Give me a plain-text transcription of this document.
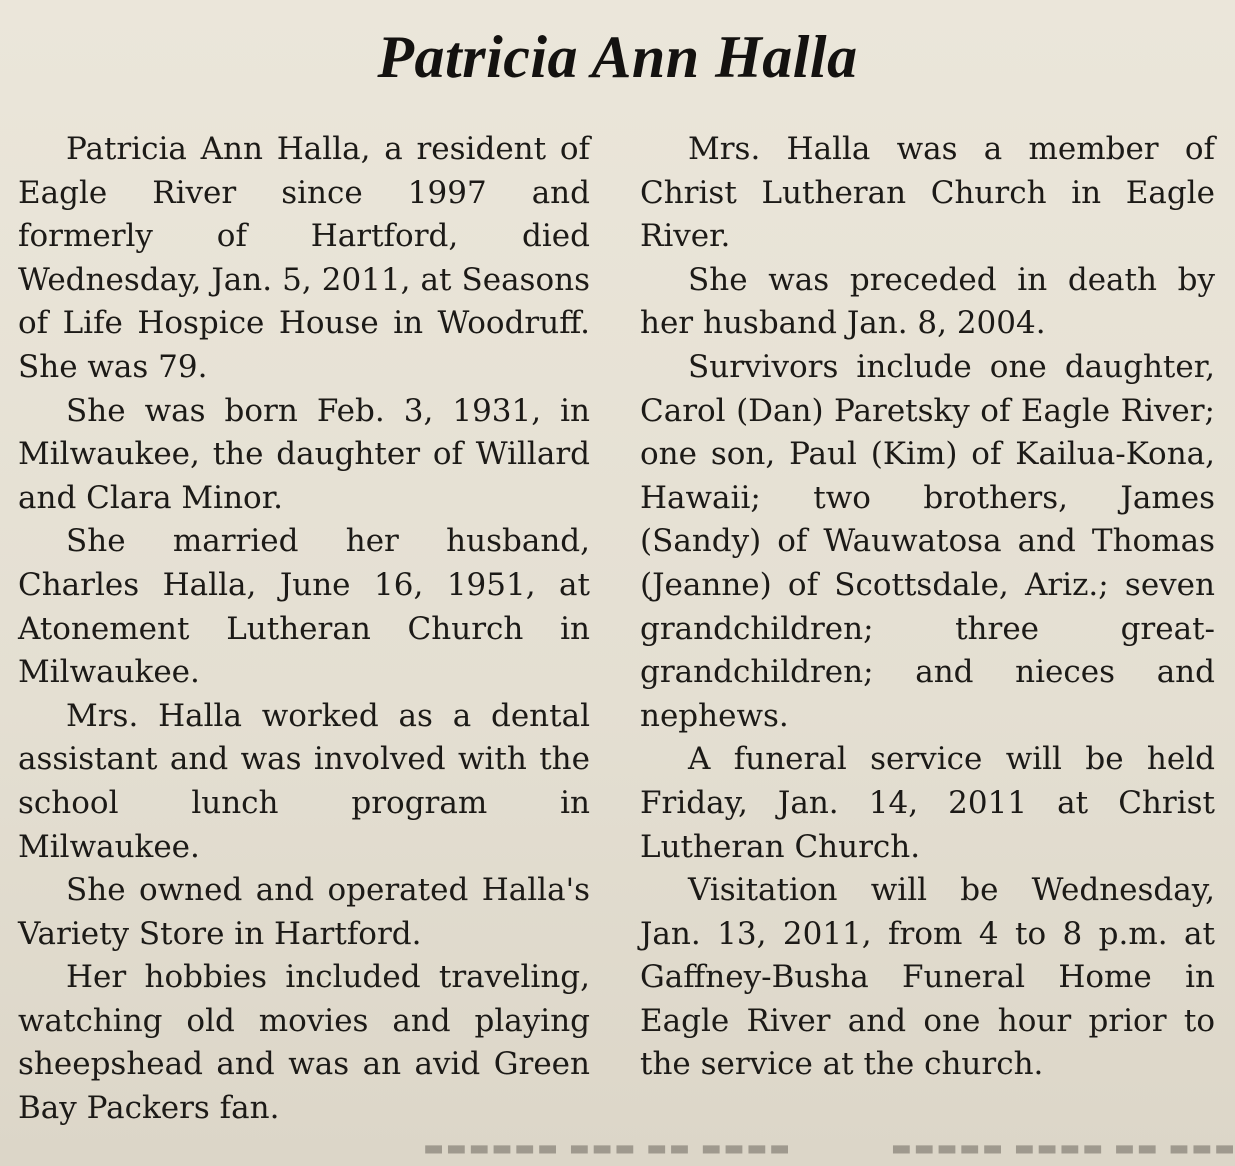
Patricia Ann Halla

Patricia Ann Halla, a resident of Eagle River since 1997 and formerly of Hartford, died Wednesday, Jan. 5, 2011, at Seasons of Life Hospice House in Woodruff. She was 79.

She was born Feb. 3, 1931, in Milwaukee, the daughter of Willard and Clara Minor.

She married her husband, Charles Halla, June 16, 1951, at Atonement Lutheran Church in Milwaukee.

Mrs. Halla worked as a dental assistant and was involved with the school lunch program in Milwaukee.

She owned and operated Halla's Variety Store in Hartford.

Her hobbies included traveling, watching old movies and playing sheepshead and was an avid Green Bay Packers fan.

Mrs. Halla was a member of Christ Lutheran Church in Eagle River.

She was preceded in death by her husband Jan. 8, 2004.

Survivors include one daughter, Carol (Dan) Paretsky of Eagle River; one son, Paul (Kim) of Kailua-Kona, Hawaii; two brothers, James (Sandy) of Wauwatosa and Thomas (Jeanne) of Scottsdale, Ariz.; seven grandchildren; three great-grandchildren; and nieces and nephews.

A funeral service will be held Friday, Jan. 14, 2011 at Christ Lutheran Church.

Visitation will be Wednesday, Jan. 13, 2011, from 4 to 8 p.m. at Gaffney-Busha Funeral Home in Eagle River and one hour prior to the service at the church.

▬▬▬ ▬▬ ▬▬▬▬ ▬▬▬▬▬ ▬▬▬▬ ▬▬ ▬▬▬ ▬▬▬▬▬▬
